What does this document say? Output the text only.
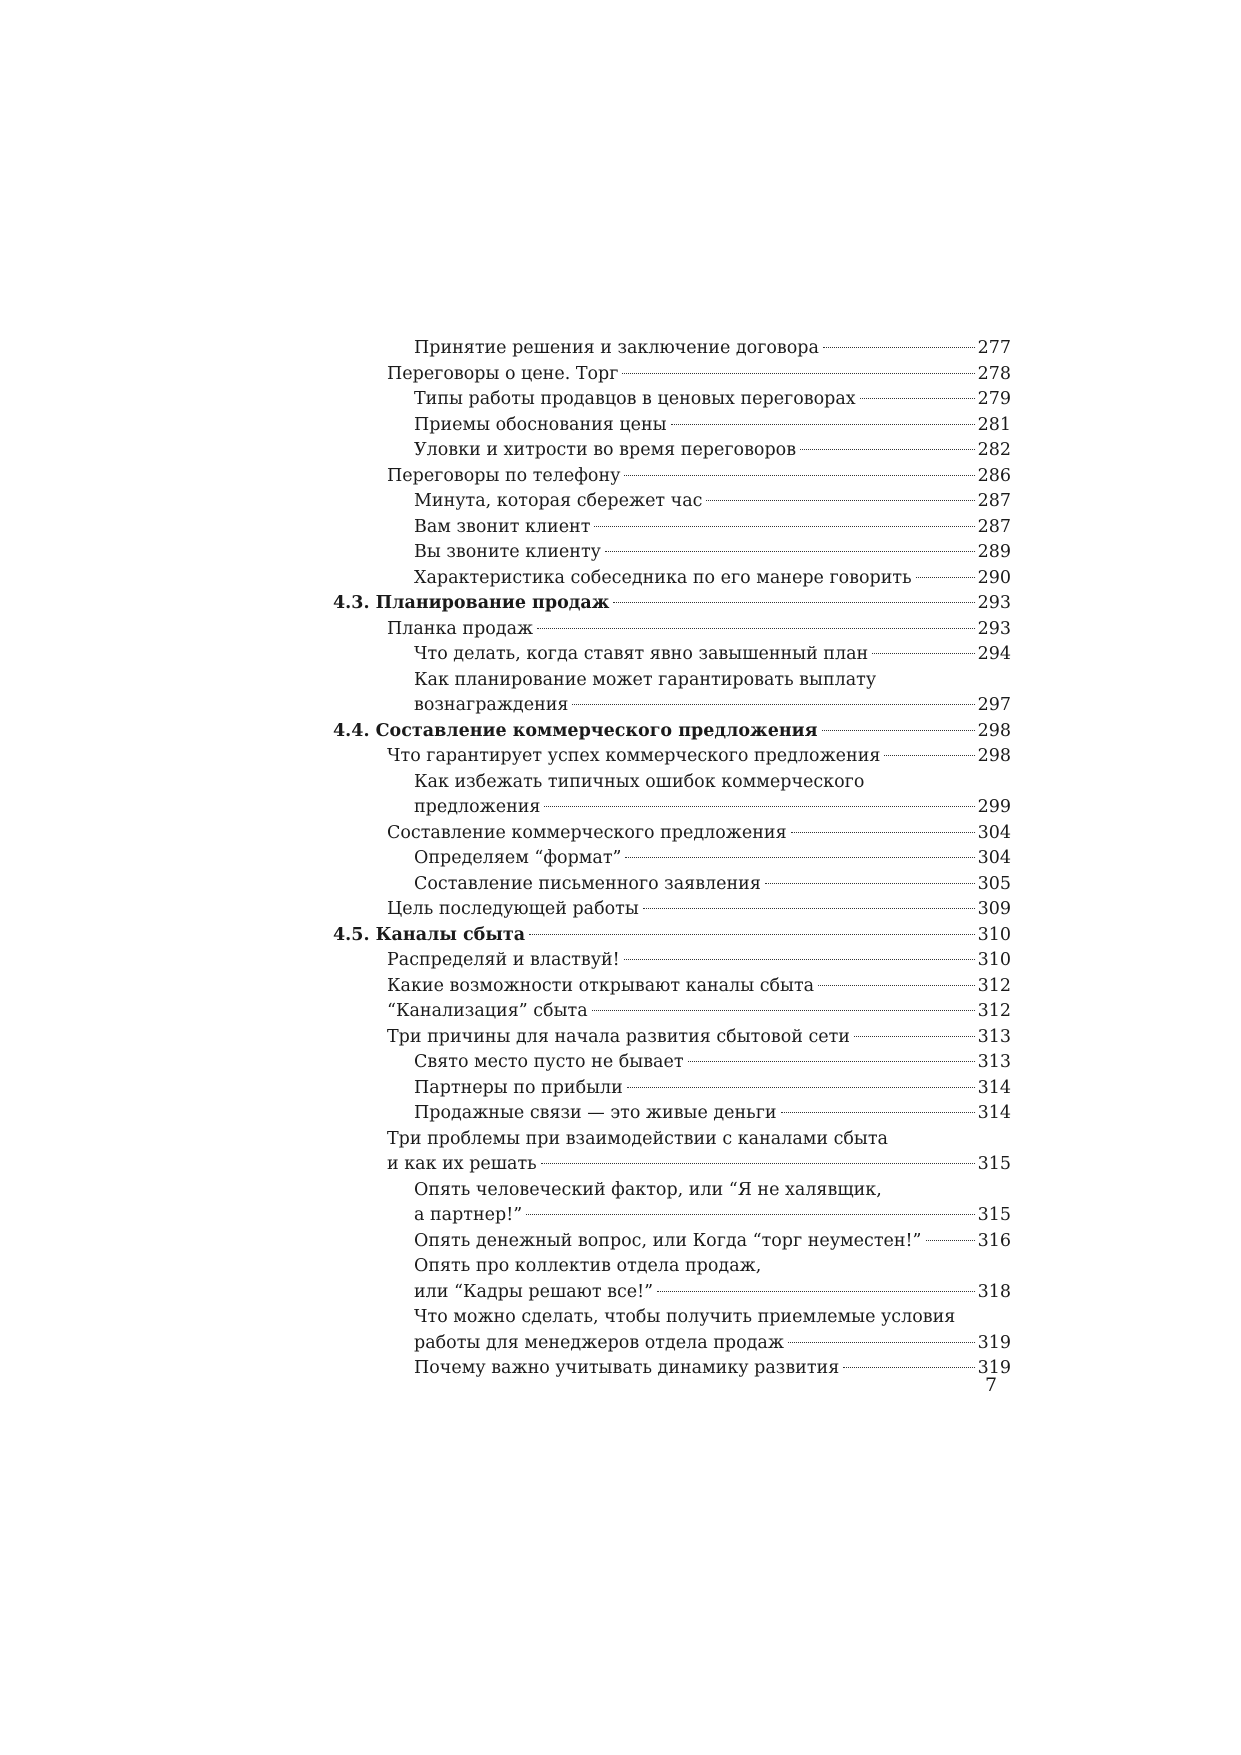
Принятие решения и заключение договора	277
Переговоры о цене. Торг	278
Типы работы продавцов в ценовых переговорах	279
Приемы обоснования цены	281
Уловки и хитрости во время переговоров	282
Переговоры по телефону	286
Минута, которая сбережет час	287
Вам звонит клиент	287
Вы звоните клиенту	289
Характеристика собеседника по его манере говорить	290
4.3. Планирование продаж	293
Планка продаж	293
Что делать, когда ставят явно завышенный план	294
Как планирование может гарантировать выплату
вознаграждения	297
4.4. Составление коммерческого предложения	298
Что гарантирует успех коммерческого предложения	298
Как избежать типичных ошибок коммерческого
предложения	299
Составление коммерческого предложения	304
Определяем “формат”	304
Составление письменного заявления	305
Цель последующей работы	309
4.5. Каналы сбыта	310
Распределяй и властвуй!	310
Какие возможности открывают каналы сбыта	312
“Канализация” сбыта	312
Три причины для начала развития сбытовой сети	313
Свято место пусто не бывает	313
Партнеры по прибыли	314
Продажные связи — это живые деньги	314
Три проблемы при взаимодействии с каналами сбыта
и как их решать	315
Опять человеческий фактор, или “Я не халявщик,
а партнер!”	315
Опять денежный вопрос, или Когда “торг неуместен!”	316
Опять про коллектив отдела продаж,
или “Кадры решают все!”	318
Что можно сделать, чтобы получить приемлемые условия
работы для менеджеров отдела продаж	319
Почему важно учитывать динамику развития	319
7
